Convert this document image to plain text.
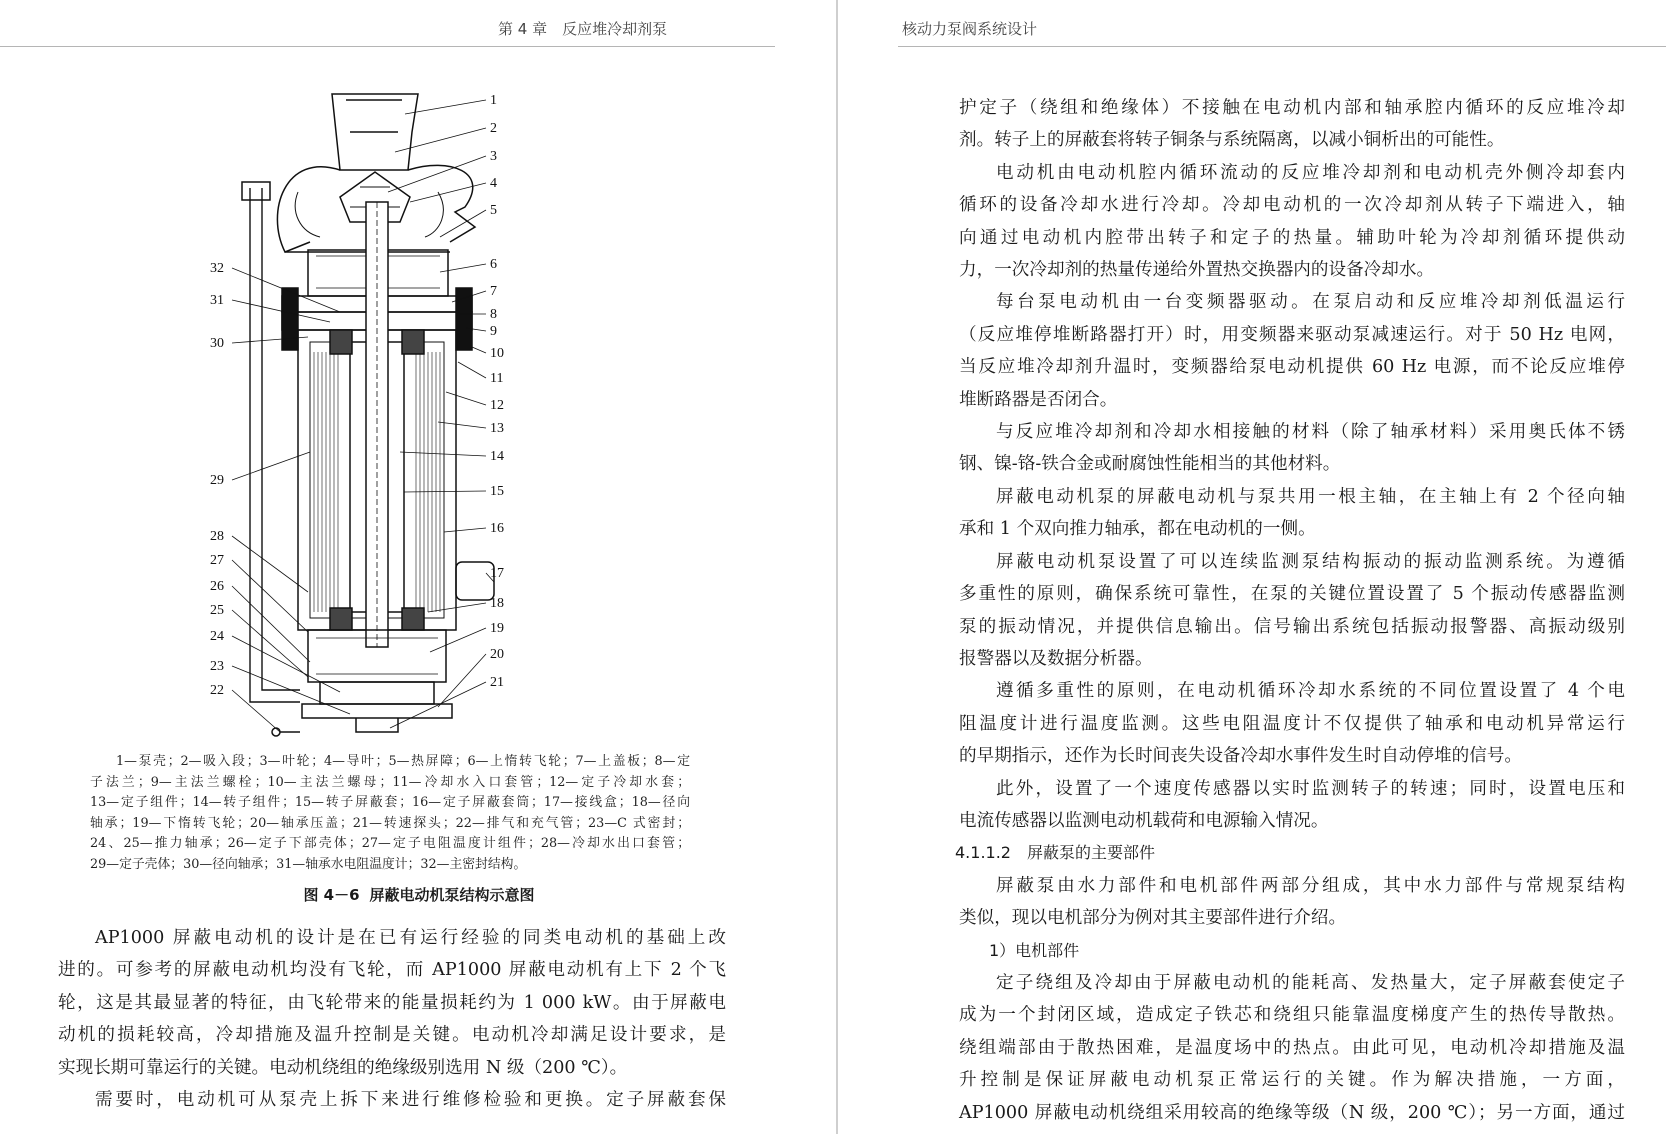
第 4 章　反应堆冷却剂泵
1
2
3
4
5
6
7
8
9
10
11
12
13
14
15
16
17
18
19
20
21
22
23
24
25
26
27
28
29
30
31
32
1—泵壳；2—吸入段；3—叶轮；4—导叶；5—热屏障；6—上惰转飞轮；7—上盖板；8—定
子法兰；9—主法兰螺栓；10—主法兰螺母；11—冷却水入口套管；12—定子冷却水套；
13—定子组件；14—转子组件；15—转子屏蔽套；16—定子屏蔽套筒；17—接线盒；18—径向
轴承；19—下惰转飞轮；20—轴承压盖；21—转速探头；22—排气和充气管；23—C 式密封；
24、25—推力轴承；26—定子下部壳体；27—定子电阻温度计组件；28—冷却水出口套管；
29—定子壳体；30—径向轴承；31—轴承水电阻温度计；32—主密封结构。
图 4－6 屏蔽电动机泵结构示意图
AP1000 屏蔽电动机的设计是在已有运行经验的同类电动机的基础上改
进的。可参考的屏蔽电动机均没有飞轮，而 AP1000 屏蔽电动机有上下 2 个飞
轮，这是其最显著的特征，由飞轮带来的能量损耗约为 1 000 kW。由于屏蔽电
动机的损耗较高，冷却措施及温升控制是关键。电动机冷却满足设计要求，是
实现长期可靠运行的关键。电动机绕组的绝缘级别选用 N 级（200 ℃）。
需要时，电动机可从泵壳上拆下来进行维修检验和更换。定子屏蔽套保
核动力泵阀系统设计
护定子（绕组和绝缘体）不接触在电动机内部和轴承腔内循环的反应堆冷却
剂。转子上的屏蔽套将转子铜条与系统隔离，以减小铜析出的可能性。
电动机由电动机腔内循环流动的反应堆冷却剂和电动机壳外侧冷却套内
循环的设备冷却水进行冷却。冷却电动机的一次冷却剂从转子下端进入，轴
向通过电动机内腔带出转子和定子的热量。辅助叶轮为冷却剂循环提供动
力，一次冷却剂的热量传递给外置热交换器内的设备冷却水。
每台泵电动机由一台变频器驱动。在泵启动和反应堆冷却剂低温运行
（反应堆停堆断路器打开）时，用变频器来驱动泵减速运行。对于 50 Hz 电网，
当反应堆冷却剂升温时，变频器给泵电动机提供 60 Hz 电源，而不论反应堆停
堆断路器是否闭合。
与反应堆冷却剂和冷却水相接触的材料（除了轴承材料）采用奥氏体不锈
钢、镍-铬-铁合金或耐腐蚀性能相当的其他材料。
屏蔽电动机泵的屏蔽电动机与泵共用一根主轴，在主轴上有 2 个径向轴
承和 1 个双向推力轴承，都在电动机的一侧。
屏蔽电动机泵设置了可以连续监测泵结构振动的振动监测系统。为遵循
多重性的原则，确保系统可靠性，在泵的关键位置设置了 5 个振动传感器监测
泵的振动情况，并提供信息输出。信号输出系统包括振动报警器、高振动级别
报警器以及数据分析器。
遵循多重性的原则，在电动机循环冷却水系统的不同位置设置了 4 个电
阻温度计进行温度监测。这些电阻温度计不仅提供了轴承和电动机异常运行
的早期指示，还作为长时间丧失设备冷却水事件发生时自动停堆的信号。
此外，设置了一个速度传感器以实时监测转子的转速；同时，设置电压和
电流传感器以监测电动机载荷和电源输入情况。
4.1.1.2　屏蔽泵的主要部件
屏蔽泵由水力部件和电机部件两部分组成，其中水力部件与常规泵结构
类似，现以电机部分为例对其主要部件进行介绍。
1）电机部件
定子绕组及冷却由于屏蔽电动机的能耗高、发热量大，定子屏蔽套使定子
成为一个封闭区域，造成定子铁芯和绕组只能靠温度梯度产生的热传导散热。
绕组端部由于散热困难，是温度场中的热点。由此可见，电动机冷却措施及温
升控制是保证屏蔽电动机泵正常运行的关键。作为解决措施，一方面，
AP1000 屏蔽电动机绕组采用较高的绝缘等级（N 级，200 ℃）；另一方面，通过
